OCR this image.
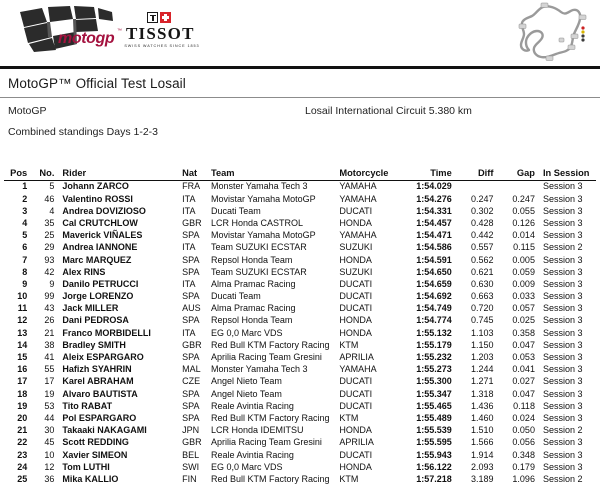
motogp ™ TISSOT
SWISS WATCHES SINCE 1853
MotoGP™ Official Test Losail
MotoGP	Losail International Circuit 5.380 km
Combined standings Days 1-2-3
Pos	No.	Rider	Nat	Team	Motorcycle	Time	Diff	Gap	In Session
1	5	Johann ZARCO	FRA	Monster Yamaha Tech 3	YAMAHA	1:54.029			Session 3
2	46	Valentino ROSSI	ITA	Movistar Yamaha MotoGP	YAMAHA	1:54.276	0.247	0.247	Session 3
3	4	Andrea DOVIZIOSO	ITA	Ducati Team	DUCATI	1:54.331	0.302	0.055	Session 3
4	35	Cal CRUTCHLOW	GBR	LCR Honda CASTROL	HONDA	1:54.457	0.428	0.126	Session 3
5	25	Maverick VIÑALES	SPA	Movistar Yamaha MotoGP	YAMAHA	1:54.471	0.442	0.014	Session 3
6	29	Andrea IANNONE	ITA	Team SUZUKI ECSTAR	SUZUKI	1:54.586	0.557	0.115	Session 2
7	93	Marc MARQUEZ	SPA	Repsol Honda Team	HONDA	1:54.591	0.562	0.005	Session 3
8	42	Alex RINS	SPA	Team SUZUKI ECSTAR	SUZUKI	1:54.650	0.621	0.059	Session 3
9	9	Danilo PETRUCCI	ITA	Alma Pramac Racing	DUCATI	1:54.659	0.630	0.009	Session 3
10	99	Jorge LORENZO	SPA	Ducati Team	DUCATI	1:54.692	0.663	0.033	Session 3
11	43	Jack MILLER	AUS	Alma Pramac Racing	DUCATI	1:54.749	0.720	0.057	Session 3
12	26	Dani PEDROSA	SPA	Repsol Honda Team	HONDA	1:54.774	0.745	0.025	Session 3
13	21	Franco MORBIDELLI	ITA	EG 0,0 Marc VDS	HONDA	1:55.132	1.103	0.358	Session 3
14	38	Bradley SMITH	GBR	Red Bull KTM Factory Racing	KTM	1:55.179	1.150	0.047	Session 3
15	41	Aleix ESPARGARO	SPA	Aprilia Racing Team Gresini	APRILIA	1:55.232	1.203	0.053	Session 3
16	55	Hafizh SYAHRIN	MAL	Monster Yamaha Tech 3	YAMAHA	1:55.273	1.244	0.041	Session 3
17	17	Karel ABRAHAM	CZE	Angel Nieto Team	DUCATI	1:55.300	1.271	0.027	Session 3
18	19	Alvaro BAUTISTA	SPA	Angel Nieto Team	DUCATI	1:55.347	1.318	0.047	Session 3
19	53	Tito RABAT	SPA	Reale Avintia Racing	DUCATI	1:55.465	1.436	0.118	Session 3
20	44	Pol ESPARGARO	SPA	Red Bull KTM Factory Racing	KTM	1:55.489	1.460	0.024	Session 3
21	30	Takaaki NAKAGAMI	JPN	LCR Honda IDEMITSU	HONDA	1:55.539	1.510	0.050	Session 2
22	45	Scott REDDING	GBR	Aprilia Racing Team Gresini	APRILIA	1:55.595	1.566	0.056	Session 3
23	10	Xavier SIMEON	BEL	Reale Avintia Racing	DUCATI	1:55.943	1.914	0.348	Session 3
24	12	Tom LUTHI	SWI	EG 0,0 Marc VDS	HONDA	1:56.122	2.093	0.179	Session 3
25	36	Mika KALLIO	FIN	Red Bull KTM Factory Racing	KTM	1:57.218	3.189	1.096	Session 2
